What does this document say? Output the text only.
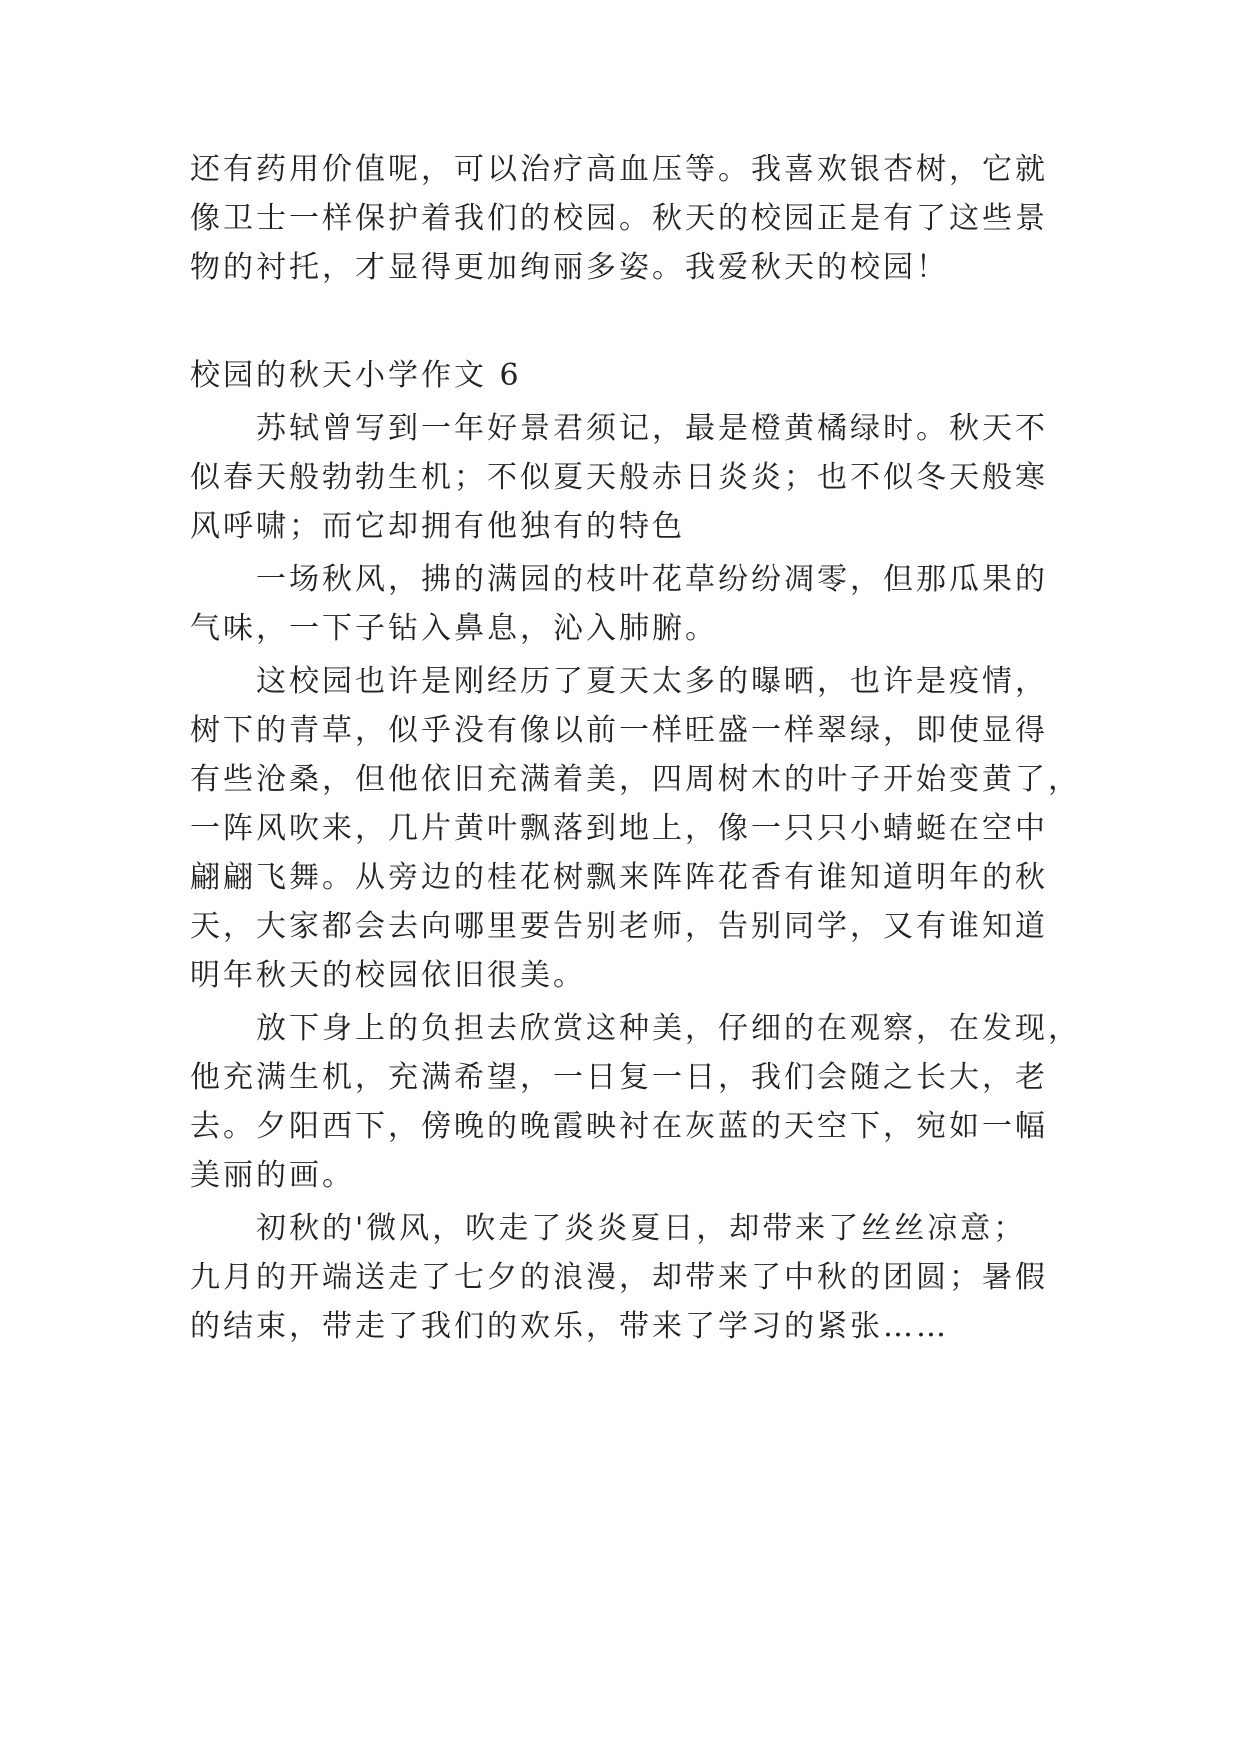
还有药用价值呢，可以治疗高血压等。我喜欢银杏树，它就
像卫士一样保护着我们的校园。秋天的校园正是有了这些景
物的衬托，才显得更加绚丽多姿。我爱秋天的校园！
校园的秋天小学作文 6
苏轼曾写到一年好景君须记，最是橙黄橘绿时。秋天不
似春天般勃勃生机；不似夏天般赤日炎炎；也不似冬天般寒
风呼啸；而它却拥有他独有的特色
一场秋风，拂的满园的枝叶花草纷纷凋零，但那瓜果的
气味，一下子钻入鼻息，沁入肺腑。
这校园也许是刚经历了夏天太多的曝晒，也许是疫情，
树下的青草，似乎没有像以前一样旺盛一样翠绿，即使显得
有些沧桑，但他依旧充满着美，四周树木的叶子开始变黄了，
一阵风吹来，几片黄叶飘落到地上，像一只只小蜻蜓在空中
翩翩飞舞。从旁边的桂花树飘来阵阵花香有谁知道明年的秋
天，大家都会去向哪里要告别老师，告别同学，又有谁知道
明年秋天的校园依旧很美。
放下身上的负担去欣赏这种美，仔细的在观察，在发现，
他充满生机，充满希望，一日复一日，我们会随之长大，老
去。夕阳西下，傍晚的晚霞映衬在灰蓝的天空下，宛如一幅
美丽的画。
初秋的'微风，吹走了炎炎夏日，却带来了丝丝凉意；
九月的开端送走了七夕的浪漫，却带来了中秋的团圆；暑假
的结束，带走了我们的欢乐，带来了学习的紧张……
